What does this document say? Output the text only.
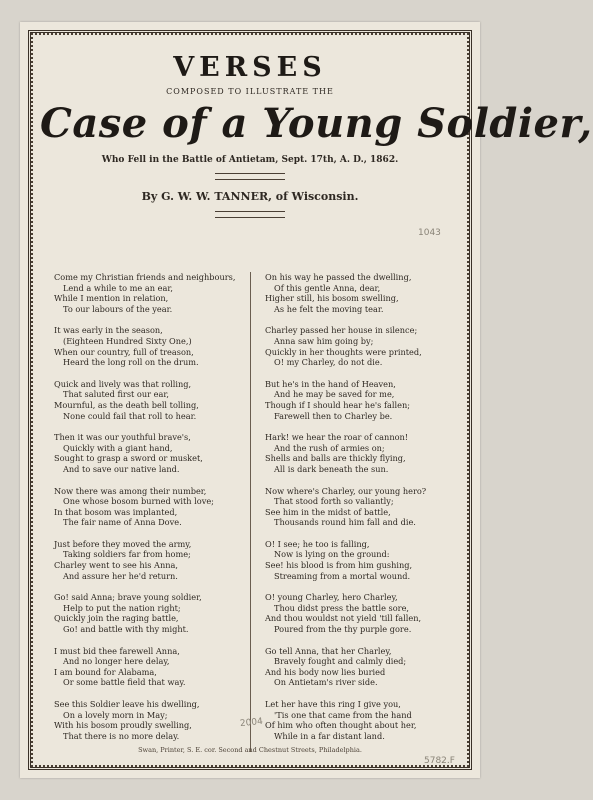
VERSES
COMPOSED TO ILLUSTRATE THE
Case of a Young Soldier,
Who Fell in the Battle of Antietam, Sept. 17th, A. D., 1862.
By G. W. W. TANNER, of Wisconsin.
1043
Come my Christian friends and neighbours,
Lend a while to me an ear,
While I mention in relation,
To our labours of the year.
It was early in the season,
(Eighteen Hundred Sixty One,)
When our country, full of treason,
Heard the long roll on the drum.
Quick and lively was that rolling,
That saluted first our ear,
Mournful, as the death bell tolling,
None could fail that roll to hear.
Then it was our youthful brave's,
Quickly with a giant hand,
Sought to grasp a sword or musket,
And to save our native land.
Now there was among their number,
One whose bosom burned with love;
In that bosom was implanted,
The fair name of Anna Dove.
Just before they moved the army,
Taking soldiers far from home;
Charley went to see his Anna,
And assure her he'd return.
Go! said Anna; brave young soldier,
Help to put the nation right;
Quickly join the raging battle,
Go! and battle with thy might.
I must bid thee farewell Anna,
And no longer here delay,
I am bound for Alabama,
Or some battle field that way.
See this Soldier leave his dwelling,
On a lovely morn in May;
With his bosom proudly swelling,
That there is no more delay.
On his way he passed the dwelling,
Of this gentle Anna, dear,
Higher still, his bosom swelling,
As he felt the moving tear.
Charley passed her house in silence;
Anna saw him going by;
Quickly in her thoughts were printed,
O! my Charley, do not die.
But he's in the hand of Heaven,
And he may be saved for me,
Though if I should hear he's fallen;
Farewell then to Charley be.
Hark! we hear the roar of cannon!
And the rush of armies on;
Shells and balls are thickly flying,
All is dark beneath the sun.
Now where's Charley, our young hero?
That stood forth so valiantly;
See him in the midst of battle,
Thousands round him fall and die.
O! I see; he too is falling,
Now is lying on the ground:
See! his blood is from him gushing,
Streaming from a mortal wound.
O! young Charley, hero Charley,
Thou didst press the battle sore,
And thou wouldst not yield 'till fallen,
Poured from the thy purple gore.
Go tell Anna, that her Charley,
Bravely fought and calmly died;
And his body now lies buried
On Antietam's river side.
Let her have this ring I give you,
'Tis one that came from the hand
Of him who often thought about her,
While in a far distant land.
2004
5782.F
Swan, Printer, S. E. cor. Second and Chestnut Streets, Philadelphia.
